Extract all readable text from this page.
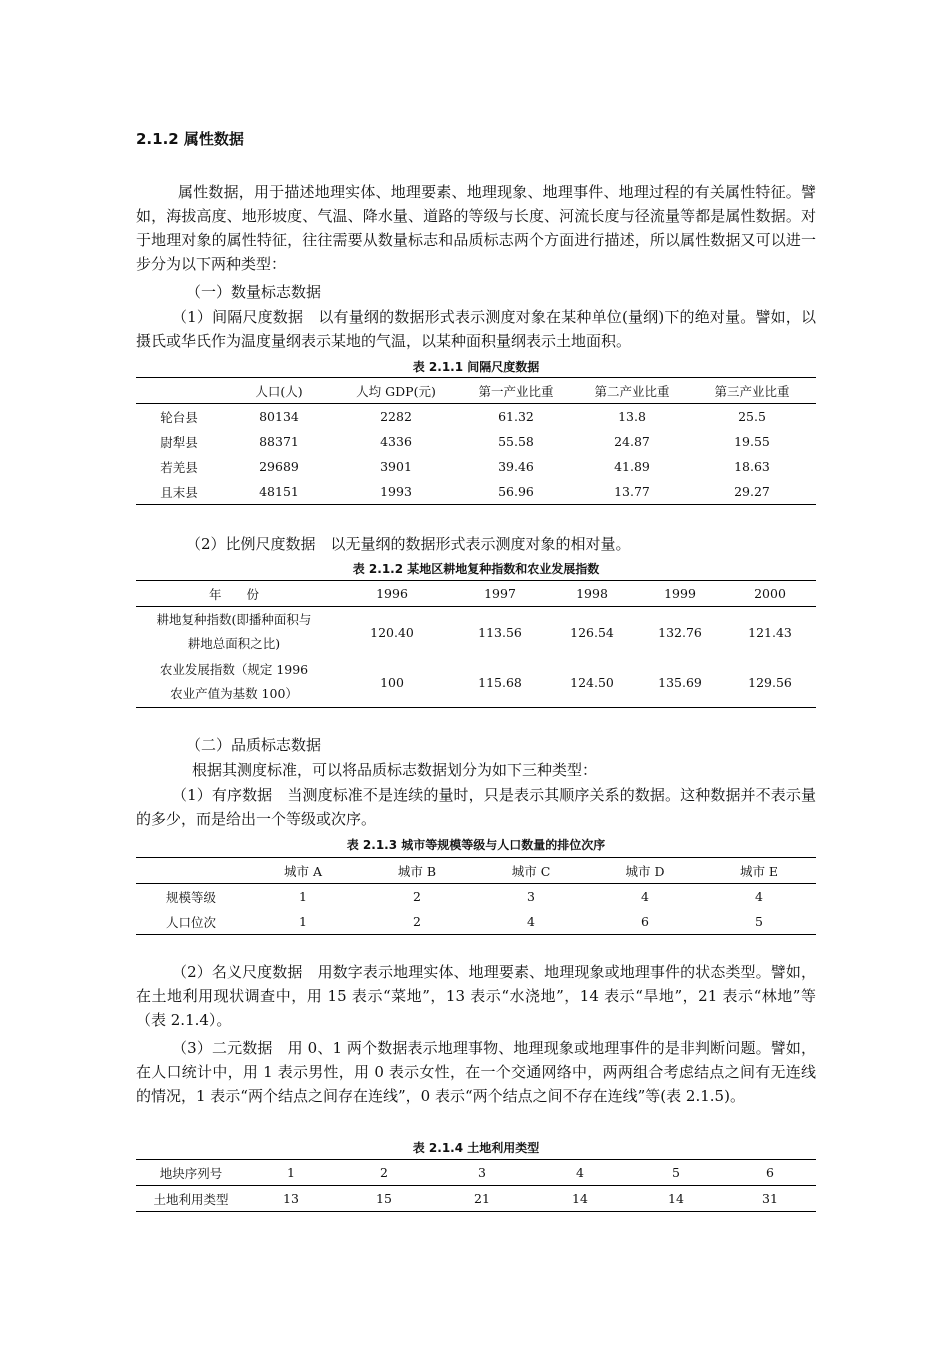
2.1.2 属性数据

属性数据，用于描述地理实体、地理要素、地理现象、地理事件、地理过程的有关属性特征。譬如，海拔高度、地形坡度、气温、降水量、道路的等级与长度、河流长度与径流量等都是属性数据。对于地理对象的属性特征，往往需要从数量标志和品质标志两个方面进行描述，所以属性数据又可以进一步分为以下两种类型：

（一）数量标志数据

（1）间隔尺度数据　以有量纲的数据形式表示测度对象在某种单位(量纲)下的绝对量。譬如，以摄氏或华氏作为温度量纲表示某地的气温，以某种面积量纲表示土地面积。

表 2.1.1 间隔尺度数据
	人口(人)	人均 GDP(元)	第一产业比重	第二产业比重	第三产业比重
轮台县	80134	2282	61.32	13.8	25.5
尉犁县	88371	4336	55.58	24.87	19.55
若羌县	29689	3901	39.46	41.89	18.63
且末县	48151	1993	56.96	13.77	29.27

（2）比例尺度数据　以无量纲的数据形式表示测度对象的相对量。

表 2.1.2 某地区耕地复种指数和农业发展指数
年　　份	1996	1997	1998	1999	2000
耕地复种指数(即播种面积与耕地总面积之比)	120.40	113.56	126.54	132.76	121.43
农业发展指数（规定 1996 农业产值为基数 100）	100	115.68	124.50	135.69	129.56

（二）品质标志数据

根据其测度标准，可以将品质标志数据划分为如下三种类型：

（1）有序数据　当测度标准不是连续的量时，只是表示其顺序关系的数据。这种数据并不表示量的多少，而是给出一个等级或次序。

表 2.1.3 城市等规模等级与人口数量的排位次序
	城市 A	城市 B	城市 C	城市 D	城市 E
规模等级	1	2	3	4	4
人口位次	1	2	4	6	5

（2）名义尺度数据　用数字表示地理实体、地理要素、地理现象或地理事件的状态类型。譬如，在土地利用现状调查中，用 15 表示“菜地”，13 表示“水浇地”，14 表示“旱地”，21 表示“林地”等（表 2.1.4）。

（3）二元数据　用 0、1 两个数据表示地理事物、地理现象或地理事件的是非判断问题。譬如，在人口统计中，用 1 表示男性，用 0 表示女性，在一个交通网络中，两两组合考虑结点之间有无连线的情况，1 表示“两个结点之间存在连线”，0 表示“两个结点之间不存在连线”等(表 2.1.5)。

表 2.1.4 土地利用类型
地块序列号	1	2	3	4	5	6
土地利用类型	13	15	21	14	14	31
